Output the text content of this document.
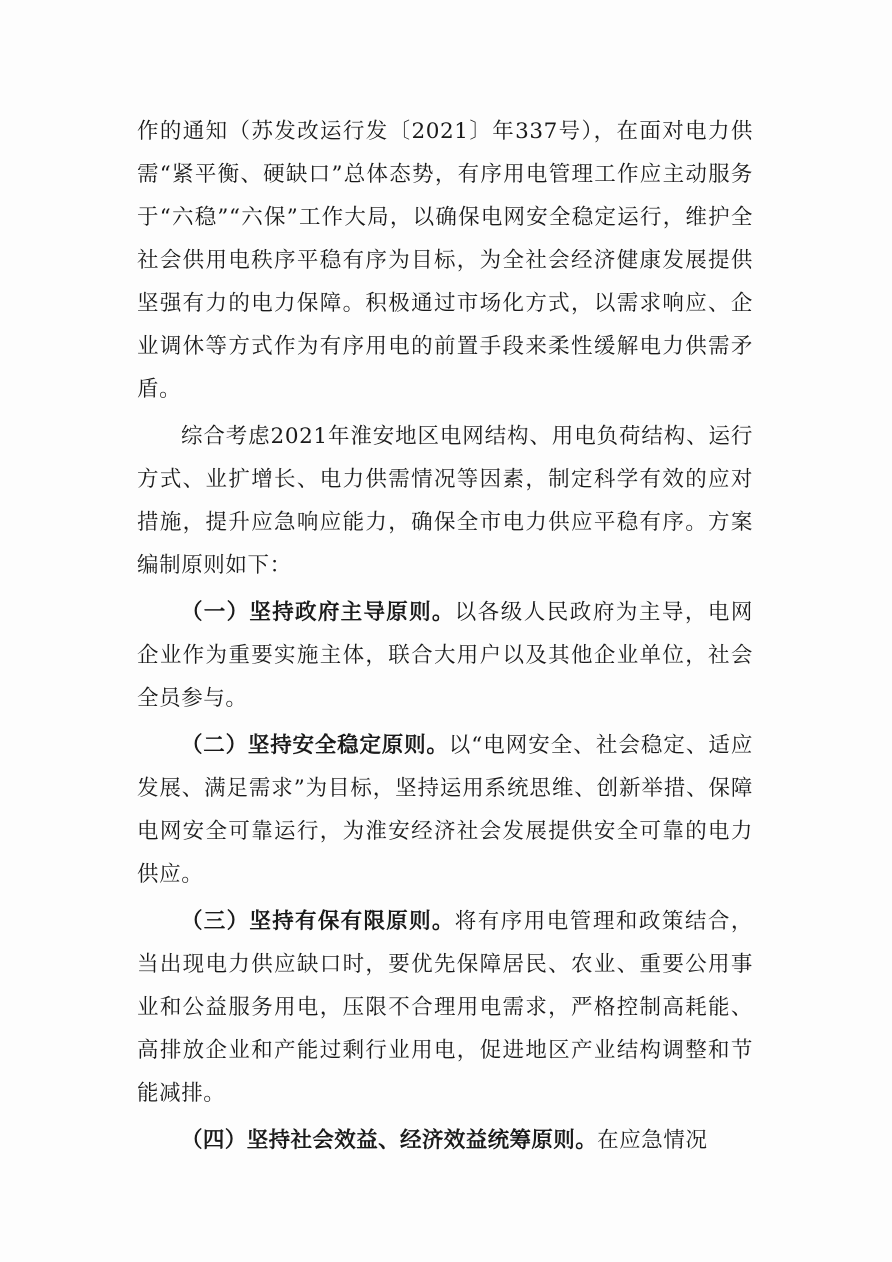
作的通知（苏发改运行发〔2021〕年337号），在面对电力供需“紧平衡、硬缺口”总体态势，有序用电管理工作应主动服务于“六稳”“六保”工作大局，以确保电网安全稳定运行，维护全社会供用电秩序平稳有序为目标，为全社会经济健康发展提供坚强有力的电力保障。积极通过市场化方式，以需求响应、企业调休等方式作为有序用电的前置手段来柔性缓解电力供需矛盾。

综合考虑2021年淮安地区电网结构、用电负荷结构、运行方式、业扩增长、电力供需情况等因素，制定科学有效的应对措施，提升应急响应能力，确保全市电力供应平稳有序。方案编制原则如下：

（一）坚持政府主导原则。以各级人民政府为主导，电网企业作为重要实施主体，联合大用户以及其他企业单位，社会全员参与。

（二）坚持安全稳定原则。以“电网安全、社会稳定、适应发展、满足需求”为目标，坚持运用系统思维、创新举措、保障电网安全可靠运行，为淮安经济社会发展提供安全可靠的电力供应。

（三）坚持有保有限原则。将有序用电管理和政策结合，当出现电力供应缺口时，要优先保障居民、农业、重要公用事业和公益服务用电，压限不合理用电需求，严格控制高耗能、高排放企业和产能过剩行业用电，促进地区产业结构调整和节能减排。

（四）坚持社会效益、经济效益统筹原则。在应急情况
